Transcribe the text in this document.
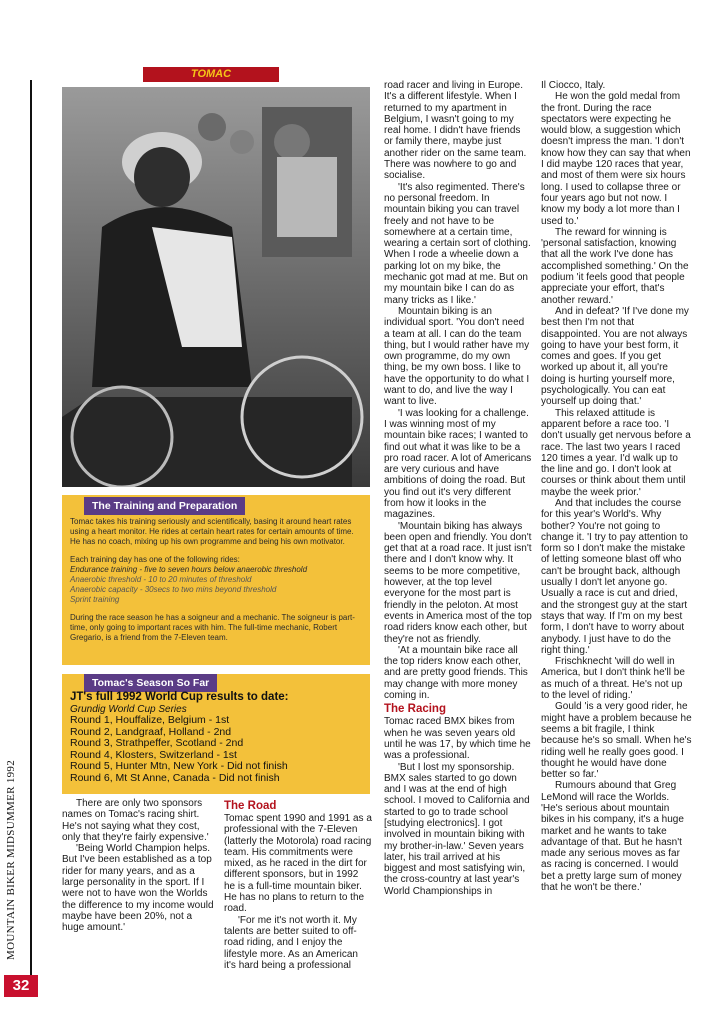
MOUNTAIN BIKER MIDSUMMER 1992
32
TOMAC
The Training and Preparation

Tomac takes his training seriously and scientifically, basing it around heart rates using a heart monitor. He rides at certain heart rates for certain amounts of time. He has no coach, mixing up his own programme and being his own motivator.

Each training day has one of the following rides:

Endurance training - five to seven hours below anaerobic threshold

Anaerobic threshold - 10 to 20 minutes of threshold

Anaerobic capacity - 30secs to two mins beyond threshold

Sprint training

During the race season he has a soigneur and a mechanic. The soigneur is part-time, only going to important races with him. The full-time mechanic, Robert Gregario, is a friend from the 7-Eleven team.

Tomac's Season So Far
JT's full 1992 World Cup results to date:
Grundig World Cup Series
Round 1, Houffalize, Belgium - 1st
Round 2, Landgraaf, Holland - 2nd
Round 3, Strathpeffer, Scotland - 2nd
Round 4, Klosters, Switzerland - 1st
Round 5, Hunter Mtn, New York - Did not finish
Round 6, Mt St Anne, Canada - Did not finish

There are only two sponsors names on Tomac's racing shirt. He's not saying what they cost, only that they're fairly expensive.'

'Being World Champion helps. But I've been established as a top rider for many years, and as a large personality in the sport. If I were not to have won the Worlds the difference to my income would maybe have been 20%, not a huge amount.'

The Road

Tomac spent 1990 and 1991 as a professional with the 7-Eleven (latterly the Motorola) road racing team. His commitments were mixed, as he raced in the dirt for different sponsors, but in 1992 he is a full-time mountain biker. He has no plans to return to the road.

'For me it's not worth it. My talents are better suited to off-road riding, and I enjoy the lifestyle more. As an American it's hard being a professional

road racer and living in Europe. It's a different lifestyle. When I returned to my apartment in Belgium, I wasn't going to my real home. I didn't have friends or family there, maybe just another rider on the same team. There was nowhere to go and socialise.

'It's also regimented. There's no personal freedom. In mountain biking you can travel freely and not have to be somewhere at a certain time, wearing a certain sort of clothing. When I rode a wheelie down a parking lot on my bike, the mechanic got mad at me. But on my mountain bike I can do as many tricks as I like.'

Mountain biking is an individual sport. 'You don't need a team at all. I can do the team thing, but I would rather have my own programme, do my own thing, be my own boss. I like to have the opportunity to do what I want to do, and live the way I want to live.

'I was looking for a challenge. I was winning most of my mountain bike races; I wanted to find out what it was like to be a pro road racer. A lot of Americans are very curious and have ambitions of doing the road. But you find out it's very different from how it looks in the magazines.

'Mountain biking has always been open and friendly. You don't get that at a road race. It just isn't there and I don't know why. It seems to be more competitive, however, at the top level everyone for the most part is friendly in the peloton. At most events in America most of the top road riders know each other, but they're not as friendly.

'At a mountain bike race all the top riders know each other, and are pretty good friends. This may change with more money coming in.

The Racing

Tomac raced BMX bikes from when he was seven years old until he was 17, by which time he was a professional.

'But I lost my sponsorship. BMX sales started to go down and I was at the end of high school. I moved to California and started to go to trade school [studying electronics]. I got involved in mountain biking with my brother-in-law.' Seven years later, his trail arrived at his biggest and most satisfying win, the cross-country at last year's World Championships in

Il Ciocco, Italy.

He won the gold medal from the front. During the race spectators were expecting he would blow, a suggestion which doesn't impress the man. 'I don't know how they can say that when I did maybe 120 races that year, and most of them were six hours long. I used to collapse three or four years ago but not now. I know my body a lot more than I used to.'

The reward for winning is 'personal satisfaction, knowing that all the work I've done has accomplished something.' On the podium 'it feels good that people appreciate your effort, that's another reward.'

And in defeat? 'If I've done my best then I'm not that disappointed. You are not always going to have your best form, it comes and goes. If you get worked up about it, all you're doing is hurting yourself more, psychologically. You can eat yourself up doing that.'

This relaxed attitude is apparent before a race too. 'I don't usually get nervous before a race. The last two years I raced 120 times a year. I'd walk up to the line and go. I don't look at courses or think about them until maybe the week prior.'

And that includes the course for this year's World's. Why bother? You're not going to change it. 'I try to pay attention to form so I don't make the mistake of letting someone blast off who can't be brought back, although usually I don't let anyone go. Usually a race is cut and dried, and the strongest guy at the start stays that way. If I'm on my best form, I don't have to worry about anybody. I just have to do the right thing.'

Frischknecht 'will do well in America, but I don't think he'll be as much of a threat. He's not up to the level of riding.'

Gould 'is a very good rider, he might have a problem because he seems a bit fragile, I think because he's so small. When he's riding well he really goes good. I thought he would have done better so far.'

Rumours abound that Greg LeMond will race the Worlds. 'He's serious about mountain bikes in his company, it's a huge market and he wants to take advantage of that. But he hasn't made any serious moves as far as racing is concerned. I would bet a pretty large sum of money that he won't be there.'
